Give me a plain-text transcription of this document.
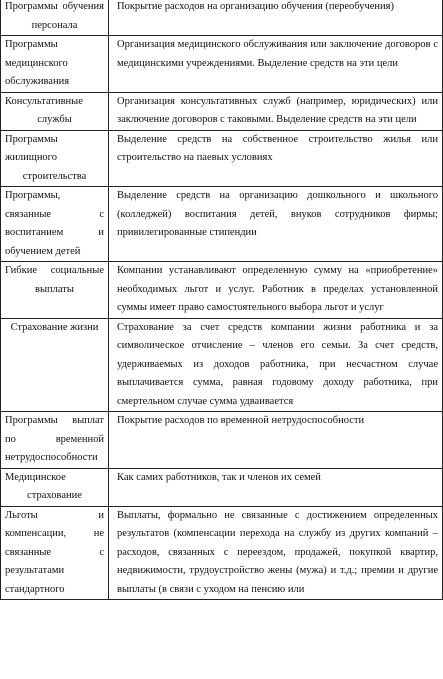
Программы обучения персонала	Покрытие расходов на организацию обучения (переобучения)

Программы медицинского обслуживания	Организация медицинского обслуживания или заключение договоров с медицинскими учреждениями. Выделение средств на эти цели

Консультативные службы	Организация консультативных служб (например, юридических) или заключение договоров с таковыми. Выделение средств на эти цели

Программы жилищного строительства	Выделение средств на собственное строительство жилья или строительство на паевых условиях

Программы, связанные с воспитанием и обучением детей	Выделение средств на организацию дошкольного и школьного (колледжей) воспитания детей, внуков сотрудников фирмы; привилегированные стипендии

Гибкие социальные выплаты	Компании устанавливают определенную сумму на «приобретение» необходимых льгот и услуг. Работник в пределах установленной суммы имеет право самостоятельного выбора льгот и услуг

Страхование жизни	Страхование за счет средств компании жизни работника и за символическое отчисление – членов его семьи. За счет средств, удерживаемых из доходов работника, при несчастном случае выплачивается сумма, равная годовому доходу работника, при смертельном случае сумма удваивается

Программы выплат по временной нетрудоспособности	Покрытие расходов по временной нетрудоспособности

Медицинское страхование	Как самих работников, так и членов их семей

Льготы и компенсации, не связанные с результатами стандартного	Выплаты, формально не связанные с достижением определенных результатов (компенсации перехода на службу из других компаний – расходов, связанных с переездом, продажей, покупкой квартир, недвижимости, трудоустройство жены (мужа) и т.д.; премии и другие выплаты (в связи с уходом на пенсию или
